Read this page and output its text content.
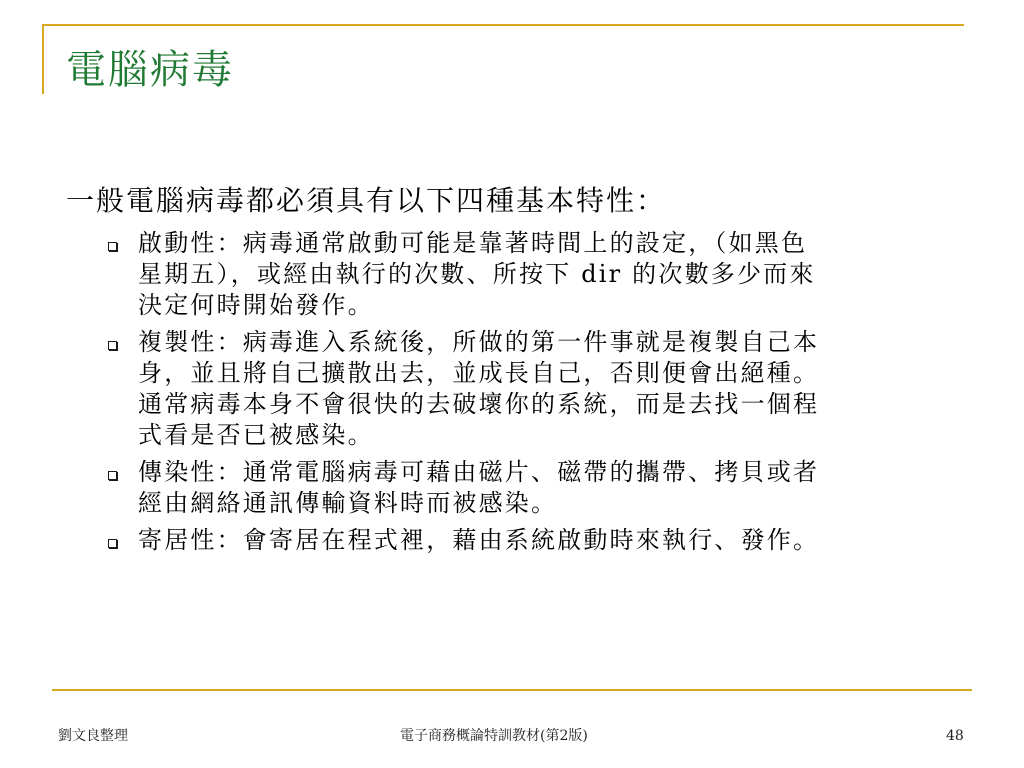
電腦病毒
一般電腦病毒都必須具有以下四種基本特性：
啟動性：病毒通常啟動可能是靠著時間上的設定，（如黑色
星期五），或經由執行的次數、所按下 dir 的次數多少而來
決定何時開始發作。
複製性：病毒進入系統後，所做的第一件事就是複製自己本
身，並且將自己擴散出去，並成長自己，否則便會出絕種。
通常病毒本身不會很快的去破壞你的系統，而是去找一個程
式看是否已被感染。
傳染性：通常電腦病毒可藉由磁片、磁帶的攜帶、拷貝或者
經由網絡通訊傳輸資料時而被感染。
寄居性：會寄居在程式裡，藉由系統啟動時來執行、發作。
劉文良整理	電子商務概論特訓教材(第2版)	48
